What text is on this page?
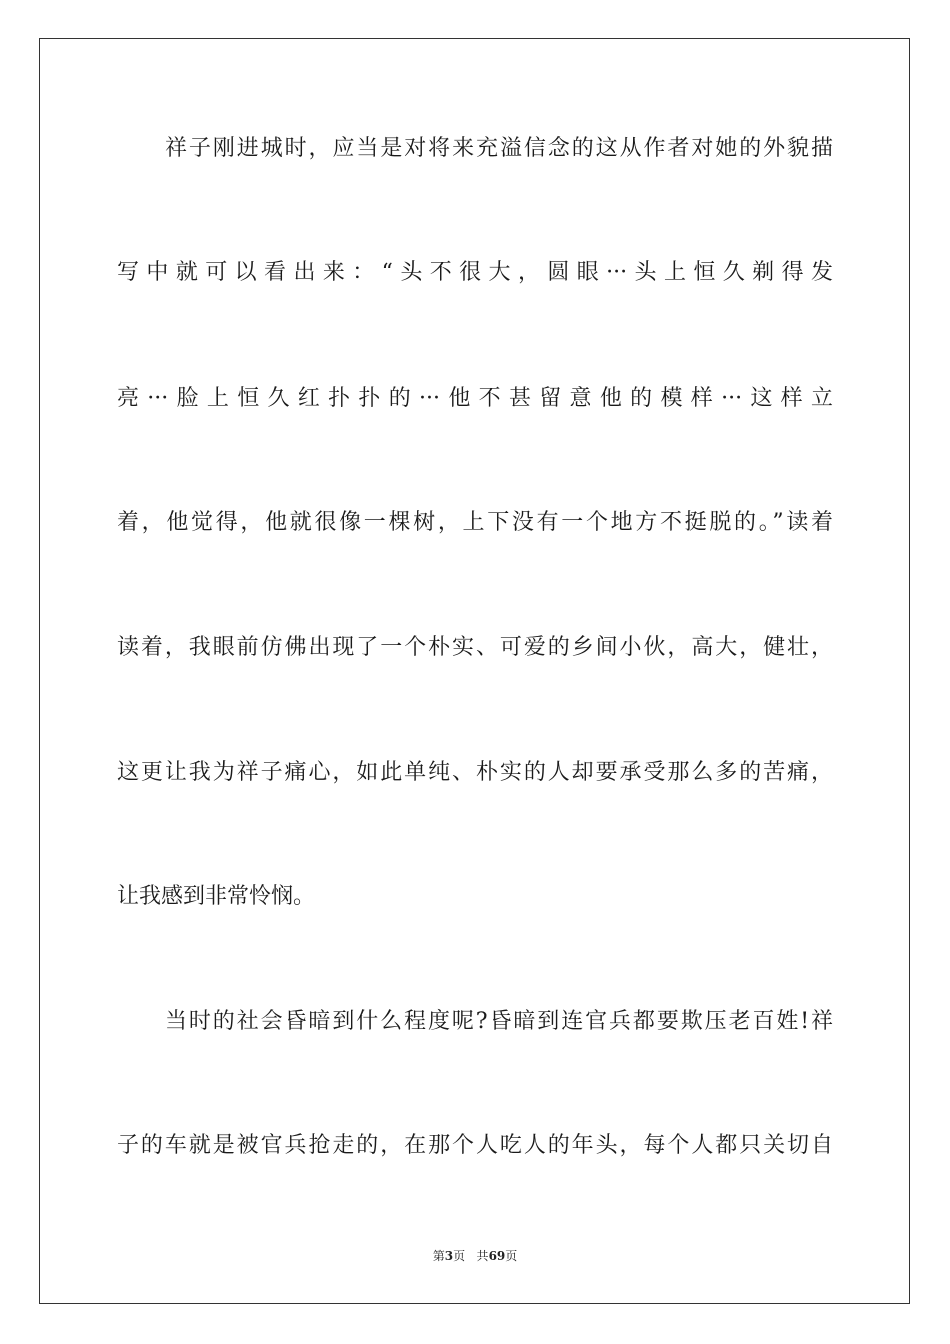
祥子刚进城时，应当是对将来充溢信念的这从作者对她的外貌描
写中就可以看出来：“头不很大，圆眼···头上恒久剃得发
亮···脸上恒久红扑扑的···他不甚留意他的模样···这样立
着，他觉得，他就很像一棵树，上下没有一个地方不挺脱的。”读着
读着，我眼前仿佛出现了一个朴实、可爱的乡间小伙，高大，健壮，
这更让我为祥子痛心，如此单纯、朴实的人却要承受那么多的苦痛，
让我感到非常怜悯。
当时的社会昏暗到什么程度呢?昏暗到连官兵都要欺压老百姓!祥
子的车就是被官兵抢走的，在那个人吃人的年头，每个人都只关切自
第3页 共69页
